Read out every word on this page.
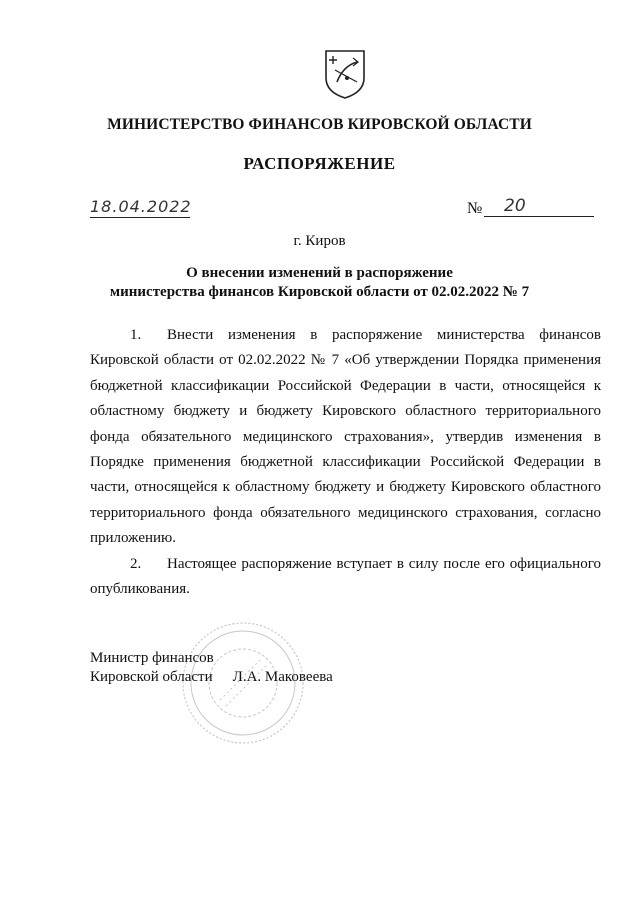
МИНИСТЕРСТВО ФИНАНСОВ КИРОВСКОЙ ОБЛАСТИ
РАСПОРЯЖЕНИЕ
18.04.2022	№	20
г. Киров
О внесении изменений в распоряжение
министерства финансов Кировской области от 02.02.2022 № 7

1. Внести изменения в распоряжение министерства финансов Кировской области от 02.02.2022 № 7 «Об утверждении Порядка применения бюджетной классификации Российской Федерации в части, относящейся к областному бюджету и бюджету Кировского областного территориального фонда обязательного медицинского страхования», утвердив изменения в Порядке применения бюджетной классификации Российской Федерации в части, относящейся к областному бюджету и бюджету Кировского областного территориального фонда обязательного медицинского страхования, согласно приложению.

2. Настоящее распоряжение вступает в силу после его официального опубликования.

Министр финансов
Кировской области Л.А. Маковеева
